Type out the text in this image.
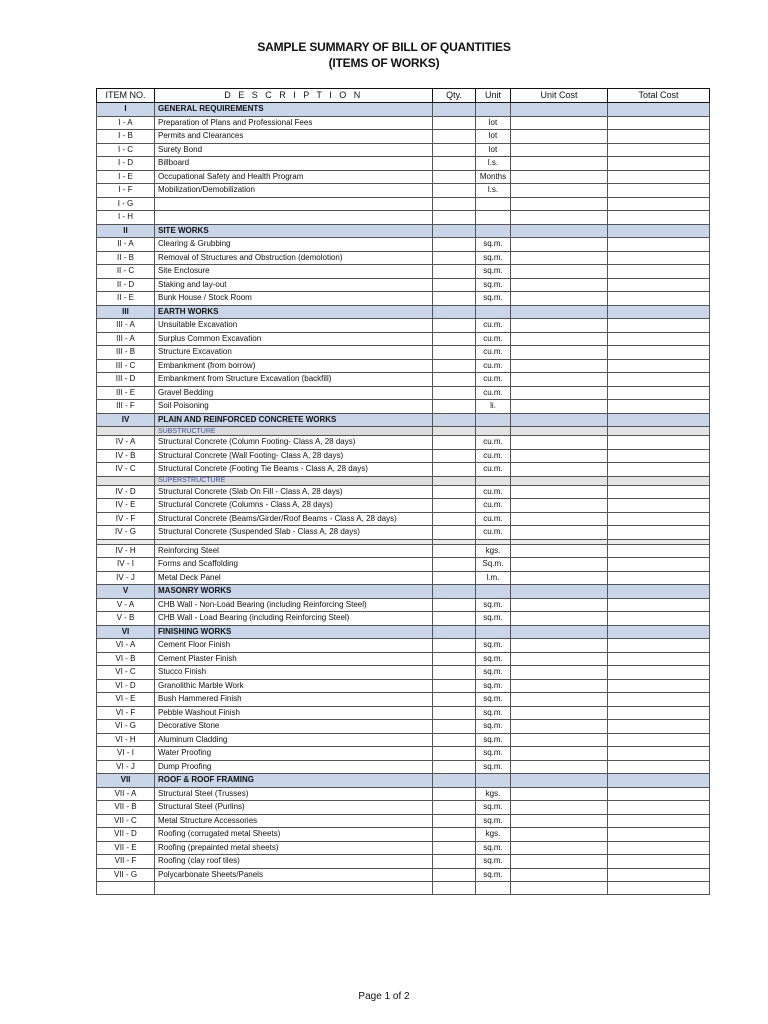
SAMPLE SUMMARY OF BILL OF QUANTITIES
(ITEMS OF WORKS)
ITEM NO.	D E S C R I P T I O N	Qty.	Unit	Unit Cost	Total Cost
I	GENERAL REQUIREMENTS				
I - A	Preparation of Plans and Professional Fees		lot		
I - B	Permits and Clearances		lot		
I - C	Surety Bond		lot		
I - D	Billboard		l.s.		
I - E	Occupational Safety and Health Program		Months		
I - F	Mobilization/Demobilization		l.s.		
I - G					
I - H					
II	SITE WORKS				
II - A	Clearing & Grubbing		sq.m.		
II - B	Removal of Structures and Obstruction (demolotion)		sq.m.		
II - C	Site Enclosure		sq.m.		
II - D	Staking and lay-out		sq.m.		
II - E	Bunk House / Stock Room		sq.m.		
III	EARTH WORKS				
III - A	Unsuitable Excavation		cu.m.		
III - A	Surplus Common Excavation		cu.m.		
III - B	Structure Excavation		cu.m.		
III - C	Embankment (from borrow)		cu.m.		
III - D	Embankment from Structure Excavation (backfill)		cu.m.		
III - E	Gravel Bedding		cu.m.		
III - F	Soil Poisoning		li.		
IV	PLAIN AND REINFORCED CONCRETE WORKS				
	SUBSTRUCTURE				
IV - A	Structural Concrete (Column Footing- Class A, 28 days)		cu.m.		
IV - B	Structural Concrete (Wall Footing- Class A, 28 days)		cu.m.		
IV - C	Structural Concrete (Footing Tie Beams - Class A, 28 days)		cu.m.		
	SUPERSTRUCTURE				
IV - D	Structural Concrete (Slab On Fill - Class A, 28 days)		cu.m.		
IV - E	Structural Concrete (Columns - Class A, 28 days)		cu.m.		
IV - F	Structural Concrete (Beams/Girder/Roof Beams - Class A, 28 days)		cu.m.		
IV - G	Structural Concrete (Suspended Slab - Class A, 28 days)		cu.m.		

IV - H	Reinforcing Steel		kgs.		
IV - I	Forms and Scaffolding		Sq.m.		
IV - J	Metal Deck Panel		l.m.		
V	MASONRY WORKS				
V - A	CHB Wall - Non-Load Bearing (including Reinforcing Steel)		sq.m.		
V - B	CHB Wall - Load Bearing (including Reinforcing Steel)		sq.m.		
VI	FINISHING WORKS				
VI - A	Cement Floor Finish		sq.m.		
VI - B	Cement Plaster Finish		sq.m.		
VI - C	Stucco Finish		sq.m.		
VI - D	Granolithic Marble Work		sq.m.		
VI - E	Bush Hammered Finish		sq.m.		
VI - F	Pebble Washout Finish		sq.m.		
VI - G	Decorative Stone		sq.m.		
VI - H	Aluminum Cladding		sq.m.		
VI - I	Water Proofing		sq.m.		
VI - J	Dump Proofing		sq.m.		
VII	ROOF & ROOF FRAMING				
VII - A	Structural Steel (Trusses)		kgs.		
VII - B	Structural Steel (Purlins)		sq.m.		
VII - C	Metal Structure Accessories		sq.m.		
VII - D	Roofing (corrugated metal Sheets)		kgs.		
VII - E	Roofing (prepainted metal sheets)		sq.m.		
VII - F	Roofing (clay roof tiles)		sq.m.		
VII - G	Polycarbonate Sheets/Panels		sq.m.		

Page 1 of 2
